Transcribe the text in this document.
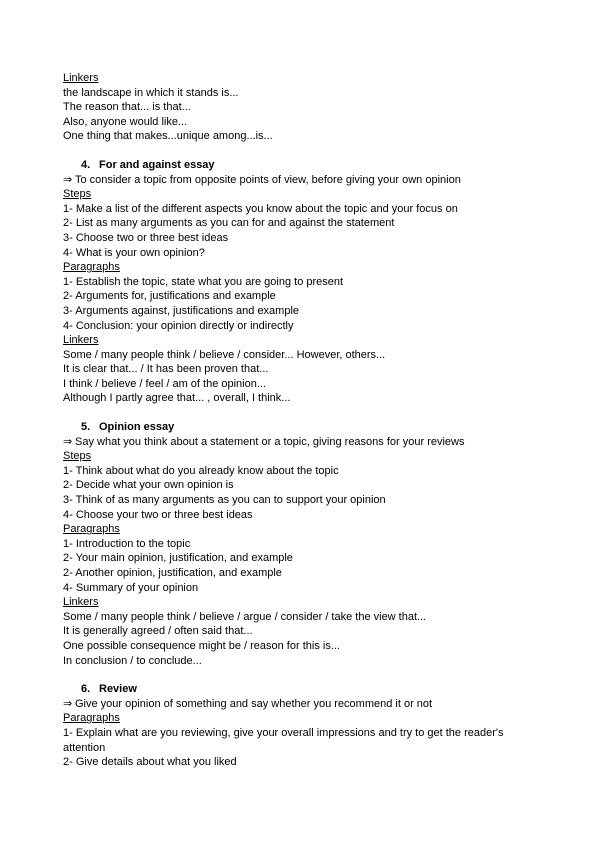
Linkers
the landscape in which it stands is...
The reason that... is that...
Also, anyone would like...
One thing that makes...unique among...is...
4. For and against essay
⇒ To consider a topic from opposite points of view, before giving your own opinion
Steps
1- Make a list of the different aspects you know about the topic and your focus on
2- List as many arguments as you can for and against the statement
3- Choose two or three best ideas
4- What is your own opinion?
Paragraphs
1- Establish the topic, state what you are going to present
2- Arguments for, justifications and example
3- Arguments against, justifications and example
4- Conclusion: your opinion directly or indirectly
Linkers
Some / many people think / believe / consider... However, others...
It is clear that... / It has been proven that...
I think / believe / feel / am of the opinion...
Although I partly agree that... , overall, I think...
5. Opinion essay
⇒ Say what you think about a statement or a topic, giving reasons for your reviews
Steps
1- Think about what do you already know about the topic
2- Decide what your own opinion is
3- Think of as many arguments as you can to support your opinion
4- Choose your two or three best ideas
Paragraphs
1- Introduction to the topic
2- Your main opinion, justification, and example
2- Another opinion, justification, and example
4- Summary of your opinion
Linkers
Some / many people think / believe / argue / consider / take the view that...
It is generally agreed / often said that...
One possible consequence might be / reason for this is...
In conclusion / to conclude...
6. Review
⇒ Give your opinion of something and say whether you recommend it or not
Paragraphs
1- Explain what are you reviewing, give your overall impressions and try to get the reader's attention
2- Give details about what you liked
